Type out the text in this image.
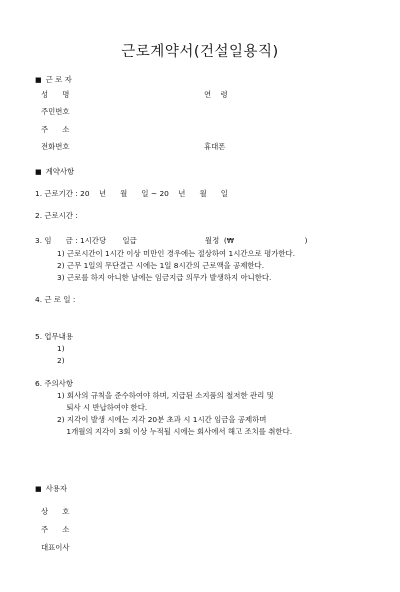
근로계약서(건설일용직)
■ 근 로 자
성      명	연    령
주민번호
주      소
전화번호	휴대폰
■ 계약사항
1. 근로기간 : 20    년      월      일 ~ 20    년      월      일
2. 근로시간 :
3. 임      금 : 1시간당       일급                             월정  (₩                              )
1) 근로시간이 1시간 이상 미만인 경우에는 절상하여 1시간으로 평가한다.
2) 근무 1일의 무단결근 시에는 1일 8시간의 근로액을 공제한다.
3) 근로를 하지 아니한 날에는 임금지급 의무가 발생하지 아니한다.
4. 근 로 일 :
5. 업무내용
1)
2)
6. 주의사항
1) 회사의 규칙을 준수하여야 하며, 지급된 소지품의 철저한 관리 및
퇴사 시 반납하여야 한다.
2) 지각이 발생 시에는 지각 20분 초과 시 1시간 임금을 공제하며
1개월의 지각이 3회 이상 누적될 시에는 회사에서 해고 조치를 취한다.
■ 사용자
상      호
주      소
대표이사
